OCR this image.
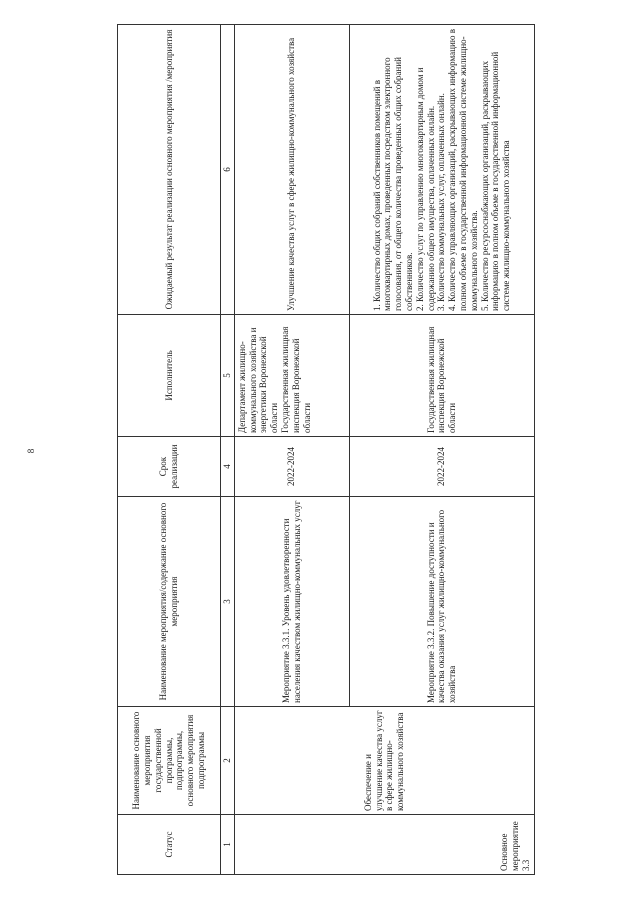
8
Статус	Наименование основного мероприятия государственной программы, подпрограммы, основного мероприятия подпрограммы	Наименование мероприятия/содержание основного мероприятия	Срок реализации	Исполнитель	Ожидаемый результат реализации основного мероприятия /мероприятия
1	2	3	4	5	6
Основное мероприятие 3.3	Обеспечение и улучшение качества услуг в сфере жилищно-коммунального хозяйства	Мероприятие 3.3.1. Уровень удовлетворенности населения качеством жилищно-коммунальных услуг	2022-2024	Департамент жилищно-коммунального хозяйства и энергетики Воронежской области Государственная жилищная инспекция Воронежской области	Улучшение качества услуг в сфере жилищно-коммунального хозяйства
		Мероприятие 3.3.2. Повышение доступности и качества оказания услуг жилищно-коммунального хозяйства	2022-2024	Государственная жилищная инспекция Воронежской области	1. Количество общих собраний собственников помещений в многоквартирных домах, проведенных посредством электронного голосования, от общего количества проведенных общих собраний собственников. 2. Количество услуг по управлению многоквартирным домом и содержанию общего имущества, оплаченных онлайн. 3. Количество коммунальных услуг, оплаченных онлайн. 4. Количество управляющих организаций, раскрывающих информацию в полном объеме в государственной информационной системе жилищно-коммунального хозяйства. 5. Количество ресурсоснабжающих организаций, раскрывающих информацию в полном объеме в государственной информационной системе жилищно-коммунального хозяйства
